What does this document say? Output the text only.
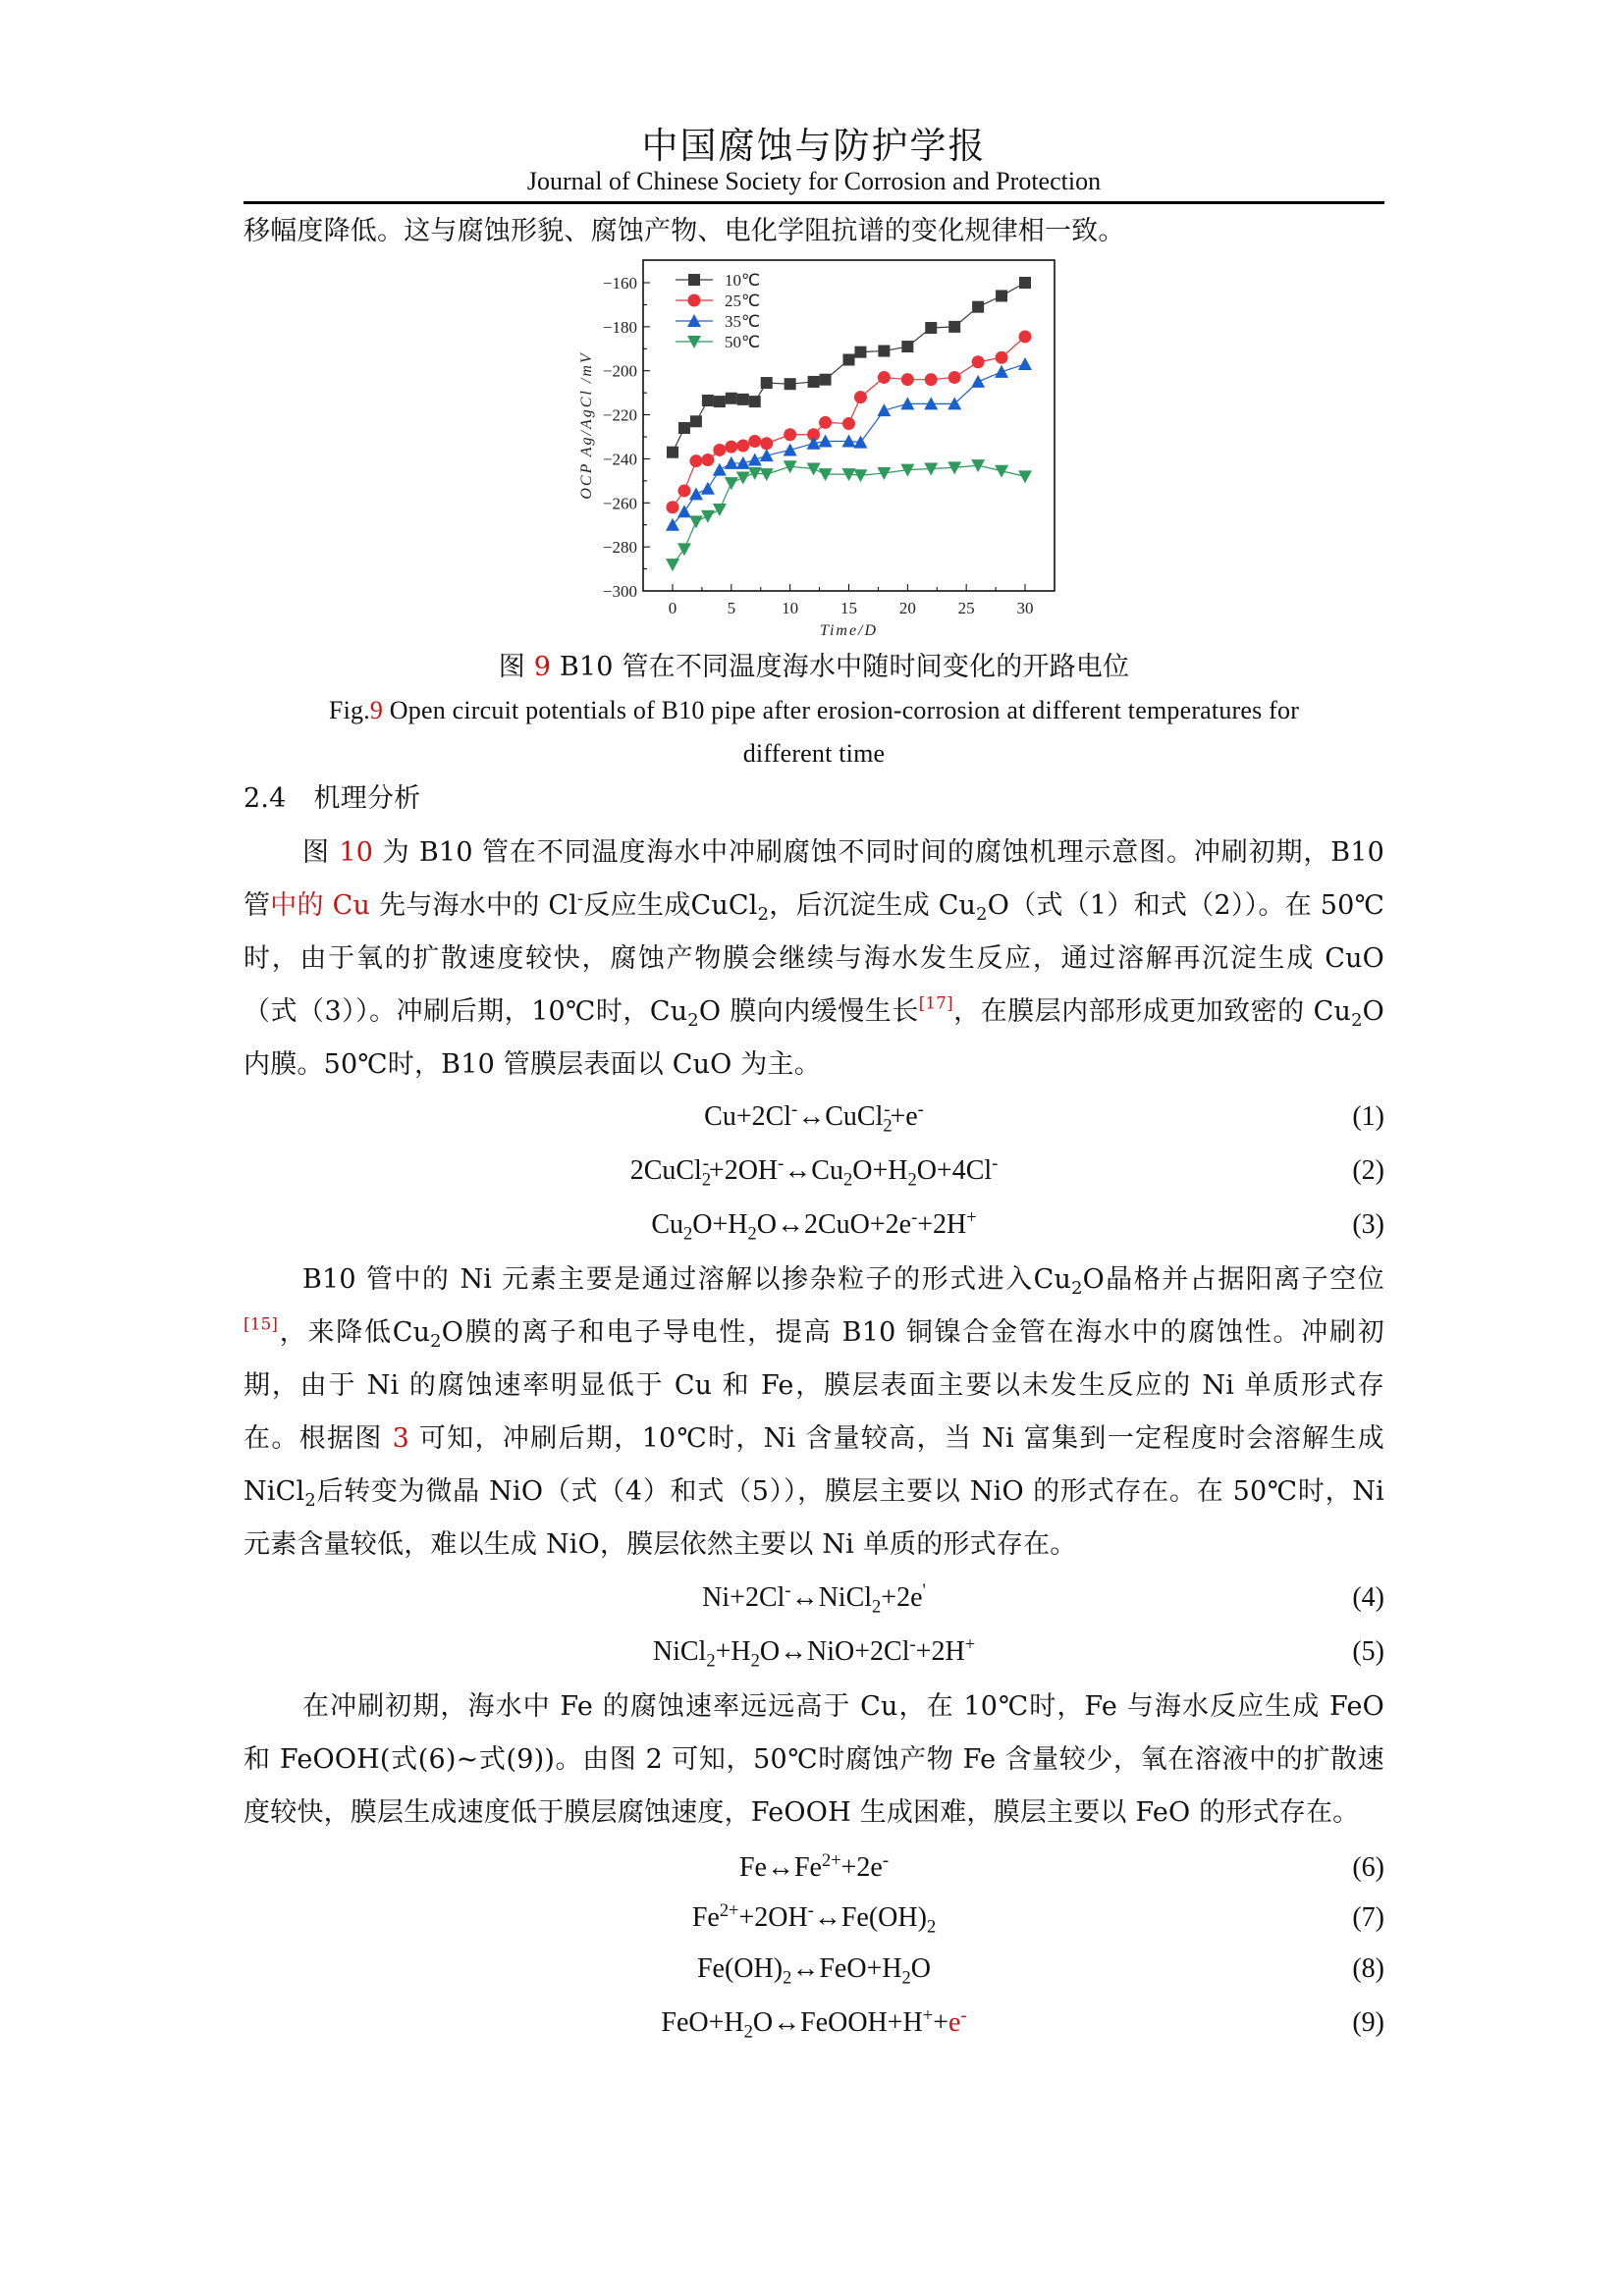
中国腐蚀与防护学报
Journal of Chinese Society for Corrosion and Protection
移幅度降低。这与腐蚀形貌、腐蚀产物、电化学阻抗谱的变化规律相一致。
−160
−180
−200
−220
−240
−260
−280
−300
0	5	10	15	20	25	30
Time/D
OCP Ag/AgCl /mV
10℃
25℃
35℃
50℃
图 9 B10 管在不同温度海水中随时间变化的开路电位
Fig.9 Open circuit potentials of B10 pipe after erosion-corrosion at different temperatures for
different time
2.4 机理分析
图 10 为 B10 管在不同温度海水中冲刷腐蚀不同时间的腐蚀机理示意图。冲刷初期，B10
管中的 Cu 先与海水中的 Cl-反应生成CuCl$_2$，后沉淀生成 $Cu_2O$（式（1）和式（2））。在 50℃
时，由于氧的扩散速度较快，腐蚀产物膜会继续与海水发生反应，通过溶解再沉淀生成 CuO
（式（3））。冲刷后期，10℃时，$Cu_2O$ 膜向内缓慢生长[17]，在膜层内部形成更加致密的 $Cu_2O$
内膜。50℃时，B10 管膜层表面以 CuO 为主。
Cu+2Cl-↔CuCl$_2$-+e-	(1)
$2CuCl_2^-+2OH^-\leftrightarrow Cu_2O+H_2O+4Cl^-$	(2)
$Cu_2O+H_2O\leftrightarrow 2CuO+2e^-+2H^+$	(3)
B10 管中的 Ni 元素主要是通过溶解以掺杂粒子的形式进入$Cu_2O$晶格并占据阳离子空位
[15]，来降低$Cu_2O$膜的离子和电子导电性，提高 B10 铜镍合金管在海水中的腐蚀性。冲刷初
期，由于 Ni 的腐蚀速率明显低于 Cu 和 Fe，膜层表面主要以未发生反应的 Ni 单质形式存
在。根据图 3 可知，冲刷后期，10℃时，Ni 含量较高，当 Ni 富集到一定程度时会溶解生成
NiCl$_2$后转变为微晶 NiO（式（4）和式（5）），膜层主要以 NiO 的形式存在。在 50℃时，Ni
元素含量较低，难以生成 NiO，膜层依然主要以 Ni 单质的形式存在。
Ni+2Cl-↔NiCl$_2$+2e'	(4)
$NiCl_2+H_2O\leftrightarrow NiO+2Cl^-+2H^+$	(5)
在冲刷初期，海水中 Fe 的腐蚀速率远远高于 Cu，在 10℃时，Fe 与海水反应生成 FeO
和 FeOOH(式(6)~式(9))。由图 2 可知，50℃时腐蚀产物 Fe 含量较少，氧在溶液中的扩散速
度较快，膜层生成速度低于膜层腐蚀速度，FeOOH 生成困难，膜层主要以 FeO 的形式存在。
$Fe\leftrightarrow Fe^{2+}+2e^-$	(6)
$Fe^{2+}+2OH^-\leftrightarrow Fe(OH)_2$	(7)
$Fe(OH)_2\leftrightarrow FeO+H_2O$	(8)
$FeO+H_2O\leftrightarrow FeOOH+H^++e^-$	(9)
